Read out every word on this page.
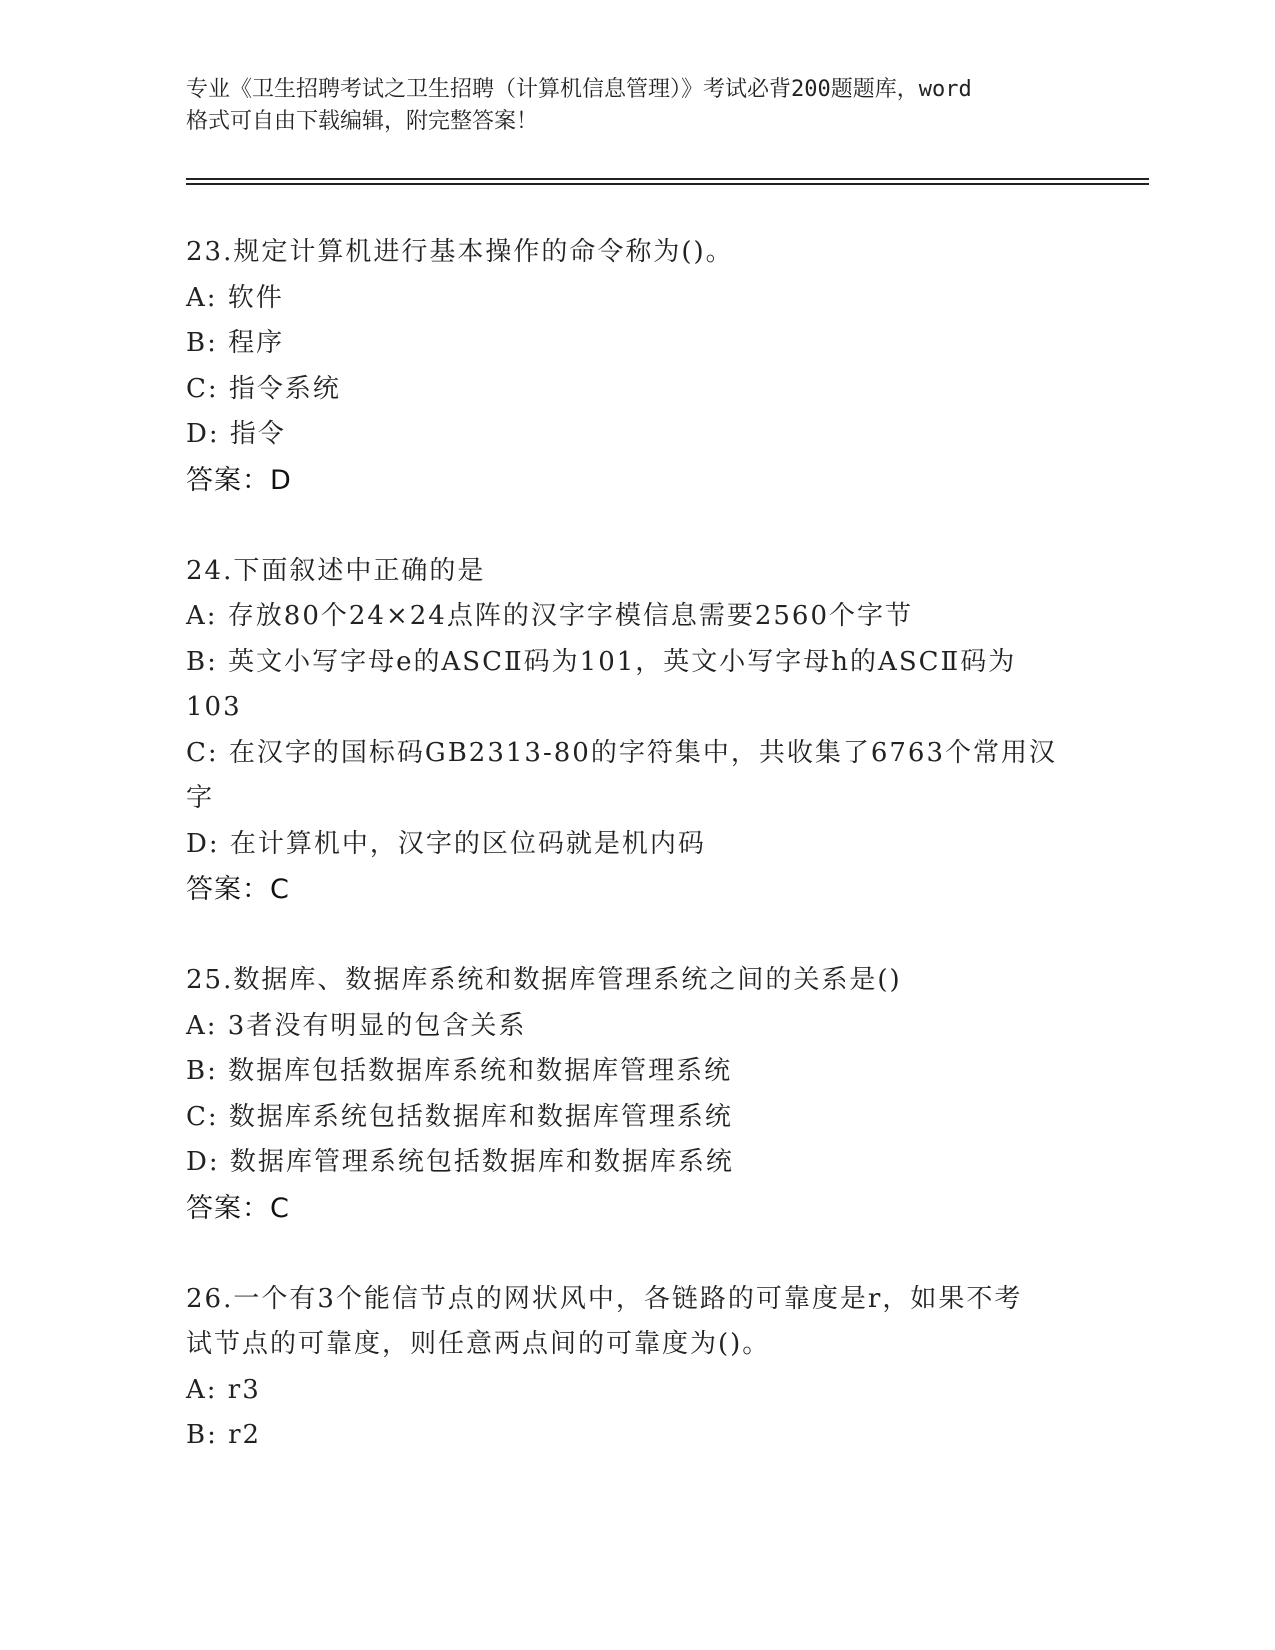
专业《卫生招聘考试之卫生招聘（计算机信息管理）》考试必背200题题库，word
格式可自由下载编辑，附完整答案！
23.规定计算机进行基本操作的命令称为()。
A: 软件
B: 程序
C: 指令系统
D: 指令
答案：D
24.下面叙述中正确的是
A: 存放80个24×24点阵的汉字字模信息需要2560个字节
B: 英文小写字母e的ASCⅡ码为101，英文小写字母h的ASCⅡ码为
103
C: 在汉字的国标码GB2313-80的字符集中，共收集了6763个常用汉
字
D: 在计算机中，汉字的区位码就是机内码
答案：C
25.数据库、数据库系统和数据库管理系统之间的关系是()
A: 3者没有明显的包含关系
B: 数据库包括数据库系统和数据库管理系统
C: 数据库系统包括数据库和数据库管理系统
D: 数据库管理系统包括数据库和数据库系统
答案：C
26.一个有3个能信节点的网状风中，各链路的可靠度是r，如果不考
试节点的可靠度，则任意两点间的可靠度为()。
A: r3
B: r2
